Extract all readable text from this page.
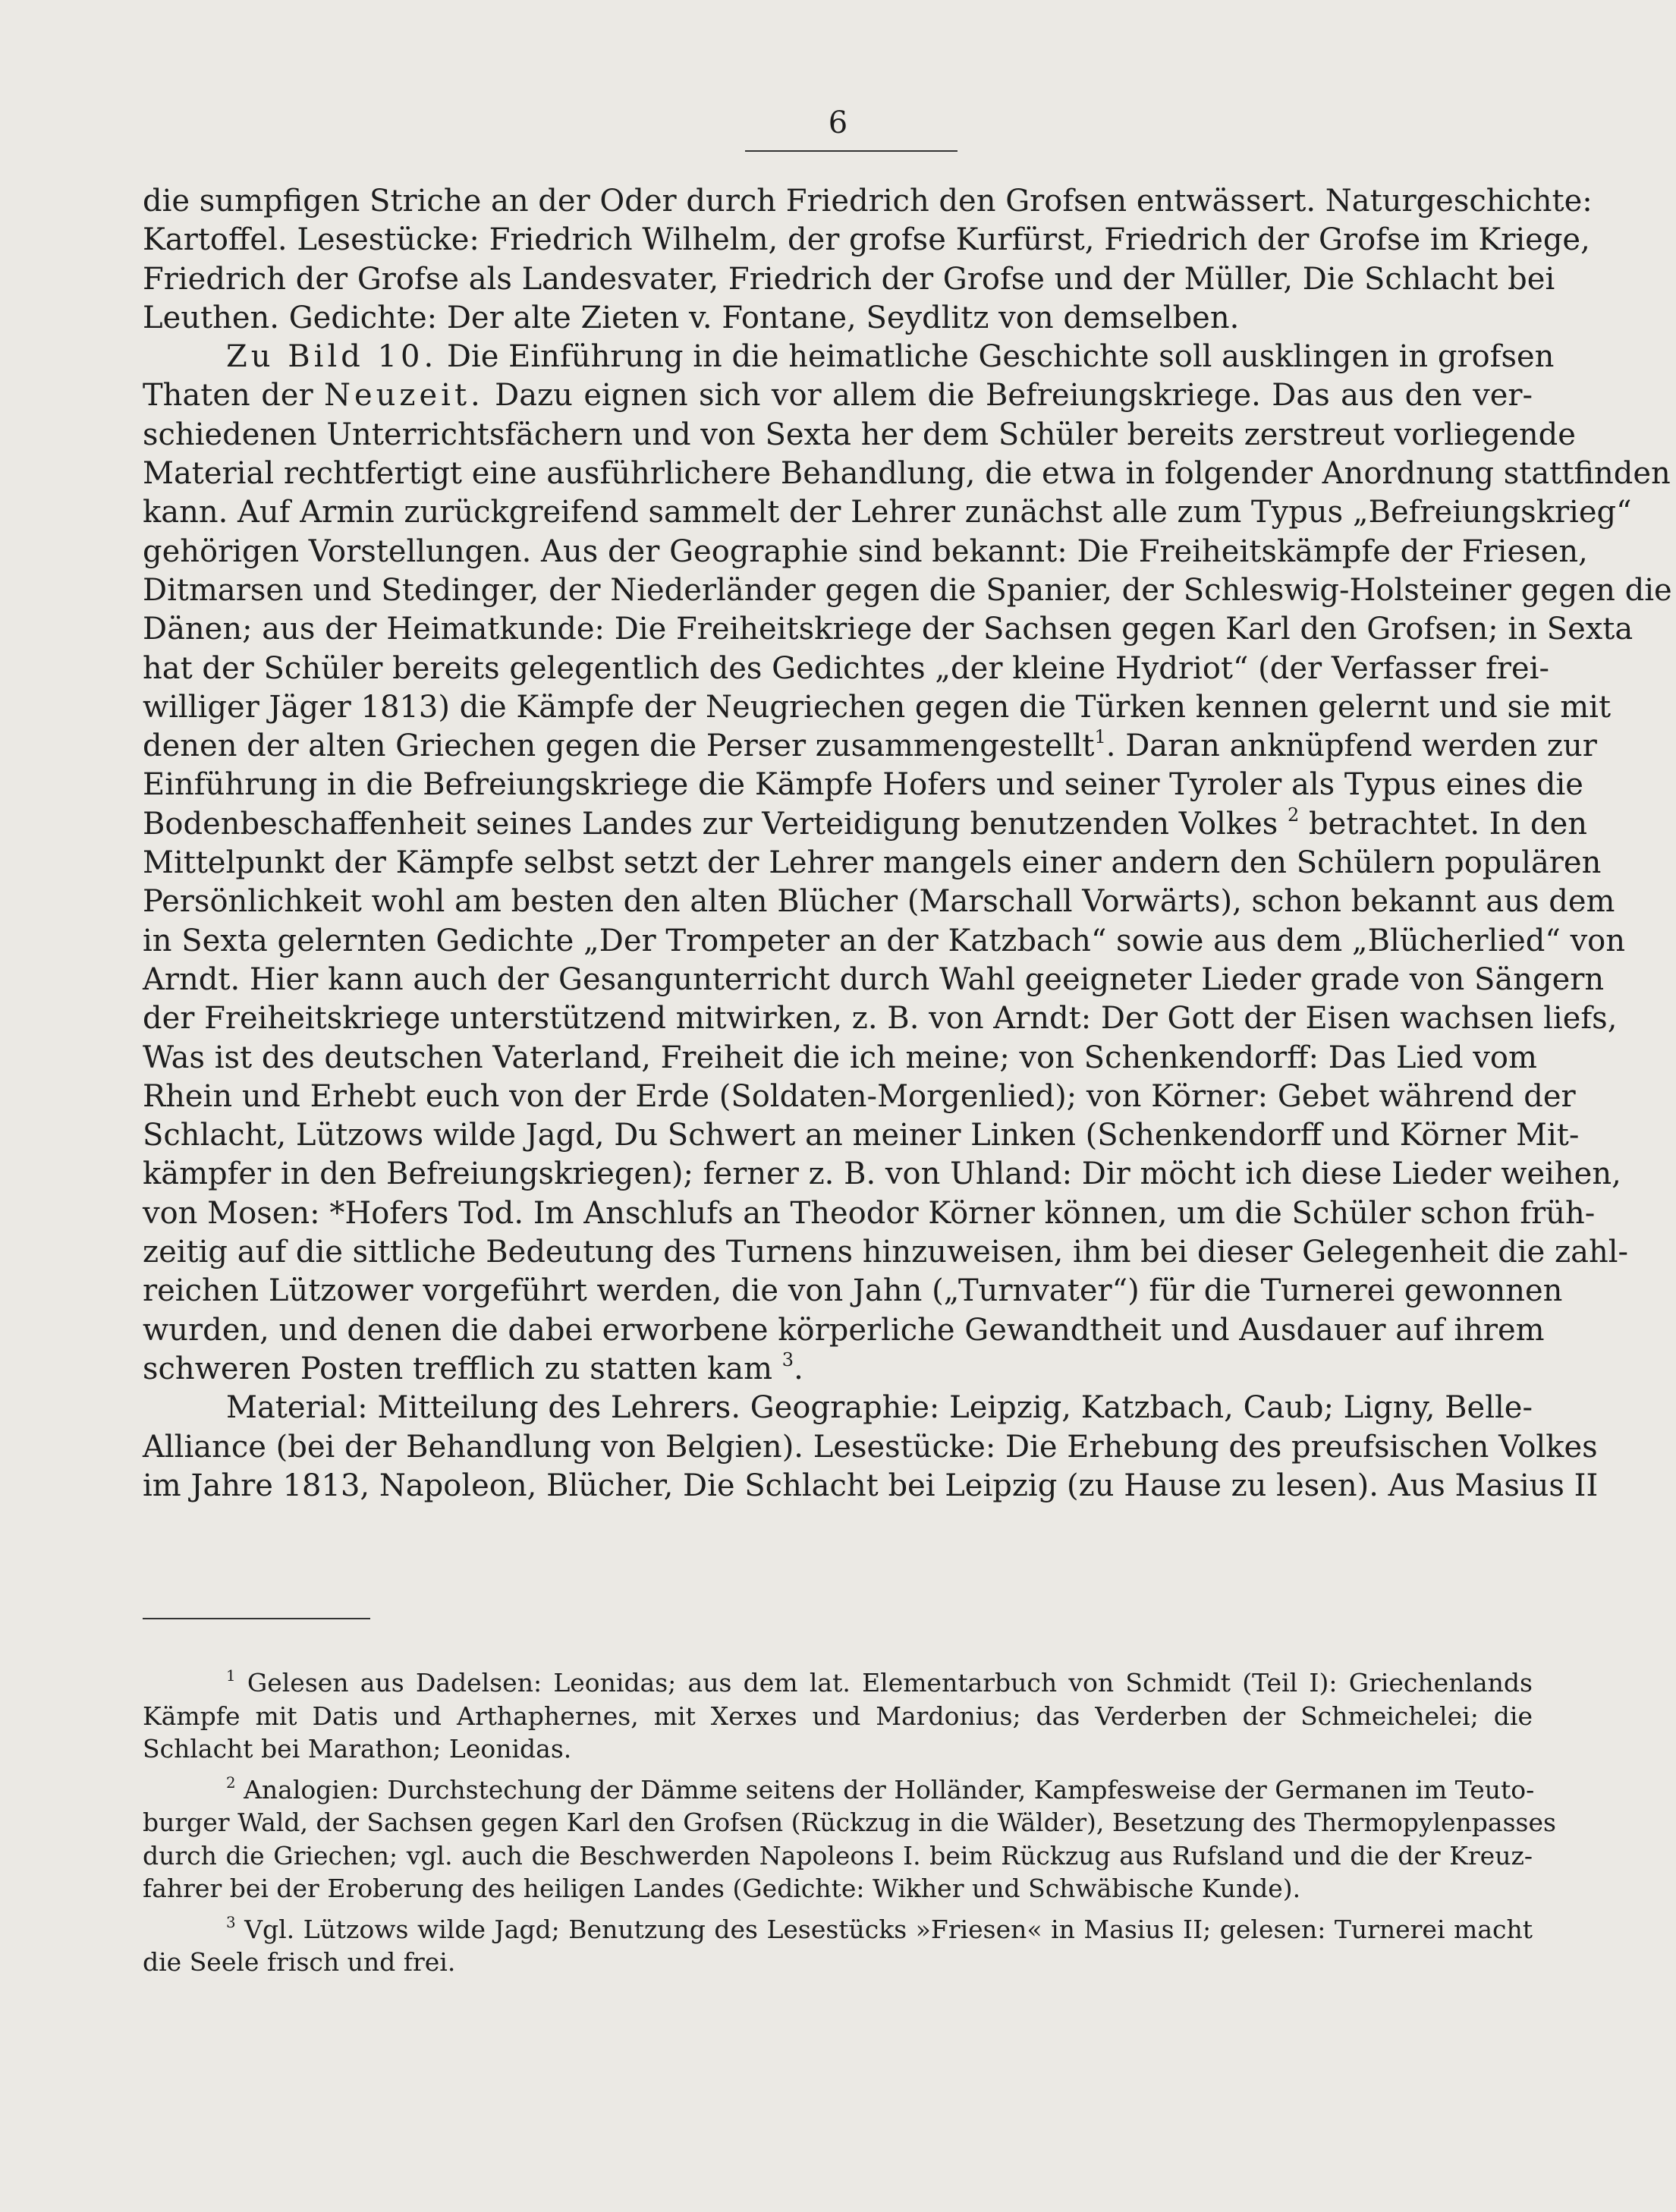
6
die sumpfigen Striche an der Oder durch Friedrich den Grofsen entwässert. Naturgeschichte:
Kartoffel. Lesestücke: Friedrich Wilhelm, der grofse Kurfürst, Friedrich der Grofse im Kriege,
Friedrich der Grofse als Landesvater, Friedrich der Grofse und der Müller, Die Schlacht bei
Leuthen. Gedichte: Der alte Zieten v. Fontane, Seydlitz von demselben.
Zu Bild 10. Die Einführung in die heimatliche Geschichte soll ausklingen in grofsen
Thaten der Neuzeit. Dazu eignen sich vor allem die Befreiungskriege. Das aus den ver-
schiedenen Unterrichtsfächern und von Sexta her dem Schüler bereits zerstreut vorliegende
Material rechtfertigt eine ausführlichere Behandlung, die etwa in folgender Anordnung stattfinden
kann. Auf Armin zurückgreifend sammelt der Lehrer zunächst alle zum Typus „Befreiungskrieg“
gehörigen Vorstellungen. Aus der Geographie sind bekannt: Die Freiheitskämpfe der Friesen,
Ditmarsen und Stedinger, der Niederländer gegen die Spanier, der Schleswig-Holsteiner gegen die
Dänen; aus der Heimatkunde: Die Freiheitskriege der Sachsen gegen Karl den Grofsen; in Sexta
hat der Schüler bereits gelegentlich des Gedichtes „der kleine Hydriot“ (der Verfasser frei-
williger Jäger 1813) die Kämpfe der Neugriechen gegen die Türken kennen gelernt und sie mit
denen der alten Griechen gegen die Perser zusammengestellt$^1$. Daran anknüpfend werden zur
Einführung in die Befreiungskriege die Kämpfe Hofers und seiner Tyroler als Typus eines die
Bodenbeschaffenheit seines Landes zur Verteidigung benutzenden Volkes $^2$ betrachtet. In den
Mittelpunkt der Kämpfe selbst setzt der Lehrer mangels einer andern den Schülern populären
Persönlichkeit wohl am besten den alten Blücher (Marschall Vorwärts), schon bekannt aus dem
in Sexta gelernten Gedichte „Der Trompeter an der Katzbach“ sowie aus dem „Blücherlied“ von
Arndt. Hier kann auch der Gesangunterricht durch Wahl geeigneter Lieder grade von Sängern
der Freiheitskriege unterstützend mitwirken, z. B. von Arndt: Der Gott der Eisen wachsen liefs,
Was ist des deutschen Vaterland, Freiheit die ich meine; von Schenkendorff: Das Lied vom
Rhein und Erhebt euch von der Erde (Soldaten-Morgenlied); von Körner: Gebet während der
Schlacht, Lützows wilde Jagd, Du Schwert an meiner Linken (Schenkendorff und Körner Mit-
kämpfer in den Befreiungskriegen); ferner z. B. von Uhland: Dir möcht ich diese Lieder weihen,
von Mosen: *Hofers Tod. Im Anschlufs an Theodor Körner können, um die Schüler schon früh-
zeitig auf die sittliche Bedeutung des Turnens hinzuweisen, ihm bei dieser Gelegenheit die zahl-
reichen Lützower vorgeführt werden, die von Jahn („Turnvater“) für die Turnerei gewonnen
wurden, und denen die dabei erworbene körperliche Gewandtheit und Ausdauer auf ihrem
schweren Posten trefflich zu statten kam $^3$.
Material: Mitteilung des Lehrers. Geographie: Leipzig, Katzbach, Caub; Ligny, Belle-
Alliance (bei der Behandlung von Belgien). Lesestücke: Die Erhebung des preufsischen Volkes
im Jahre 1813, Napoleon, Blücher, Die Schlacht bei Leipzig (zu Hause zu lesen). Aus Masius II
$^1$ Gelesen aus Dadelsen: Leonidas; aus dem lat. Elementarbuch von Schmidt (Teil I): Griechenlands
Kämpfe mit Datis und Arthaphernes, mit Xerxes und Mardonius; das Verderben der Schmeichelei; die
Schlacht bei Marathon; Leonidas.
$^2$ Analogien: Durchstechung der Dämme seitens der Holländer, Kampfesweise der Germanen im Teuto-
burger Wald, der Sachsen gegen Karl den Grofsen (Rückzug in die Wälder), Besetzung des Thermopylenpasses
durch die Griechen; vgl. auch die Beschwerden Napoleons I. beim Rückzug aus Rufsland und die der Kreuz-
fahrer bei der Eroberung des heiligen Landes (Gedichte: Wikher und Schwäbische Kunde).
$^3$ Vgl. Lützows wilde Jagd; Benutzung des Lesestücks »Friesen« in Masius II; gelesen: Turnerei macht
die Seele frisch und frei.
